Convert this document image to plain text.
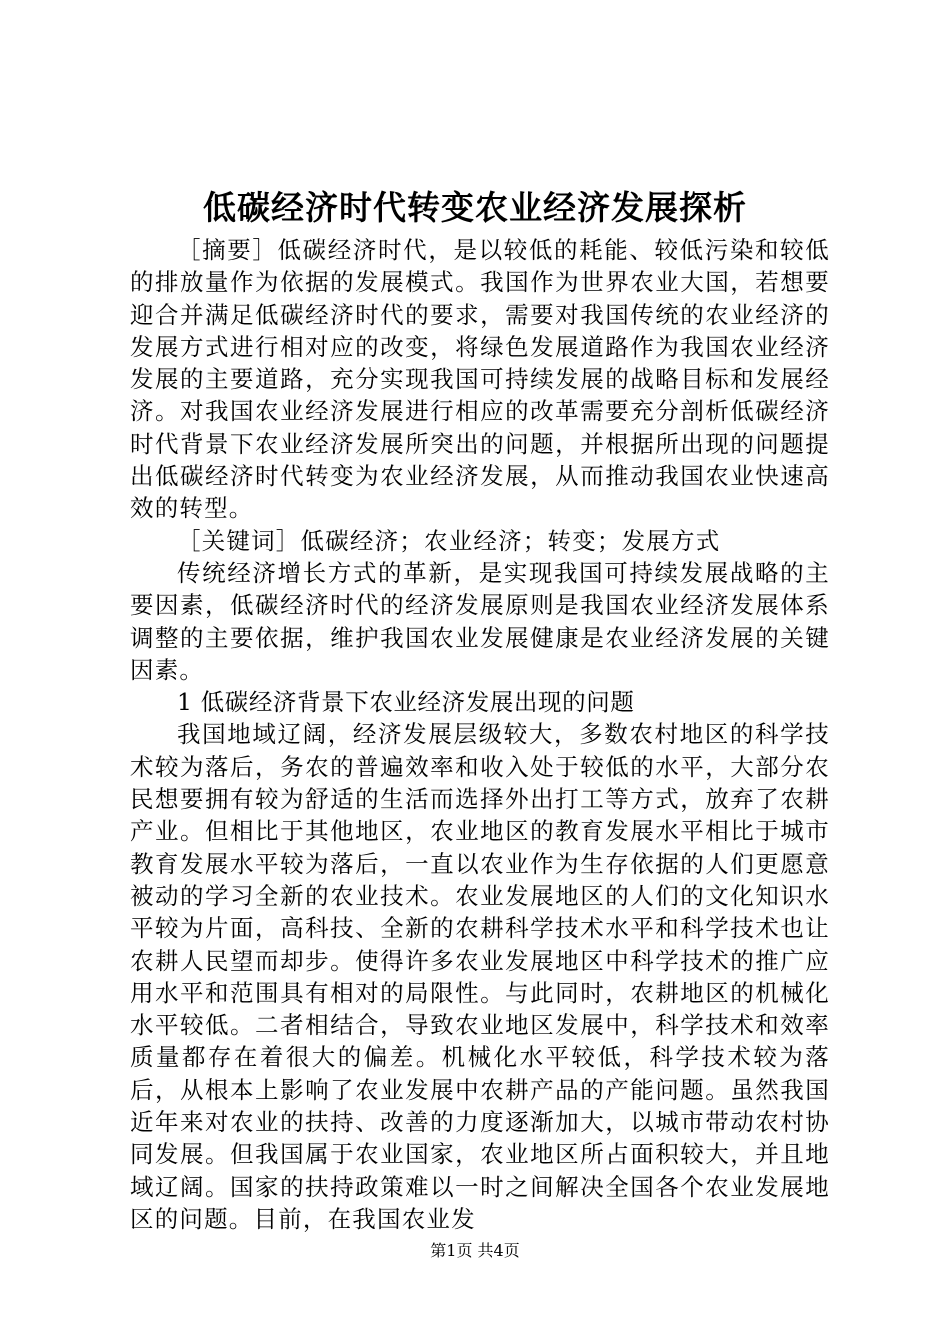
低碳经济时代转变农业经济发展探析

［摘要］低碳经济时代，是以较低的耗能、较低污染和较低的排放量作为依据的发展模式。我国作为世界农业大国，若想要迎合并满足低碳经济时代的要求，需要对我国传统的农业经济的发展方式进行相对应的改变，将绿色发展道路作为我国农业经济发展的主要道路，充分实现我国可持续发展的战略目标和发展经济。对我国农业经济发展进行相应的改革需要充分剖析低碳经济时代背景下农业经济发展所突出的问题，并根据所出现的问题提出低碳经济时代转变为农业经济发展，从而推动我国农业快速高效的转型。

［关键词］低碳经济；农业经济；转变；发展方式

传统经济增长方式的革新，是实现我国可持续发展战略的主要因素，低碳经济时代的经济发展原则是我国农业经济发展体系调整的主要依据，维护我国农业发展健康是农业经济发展的关键因素。

1 低碳经济背景下农业经济发展出现的问题

我国地域辽阔，经济发展层级较大，多数农村地区的科学技术较为落后，务农的普遍效率和收入处于较低的水平，大部分农民想要拥有较为舒适的生活而选择外出打工等方式，放弃了农耕产业。但相比于其他地区，农业地区的教育发展水平相比于城市教育发展水平较为落后，一直以农业作为生存依据的人们更愿意被动的学习全新的农业技术。农业发展地区的人们的文化知识水平较为片面，高科技、全新的农耕科学技术水平和科学技术也让农耕人民望而却步。使得许多农业发展地区中科学技术的推广应用水平和范围具有相对的局限性。与此同时，农耕地区的机械化水平较低。二者相结合，导致农业地区发展中，科学技术和效率质量都存在着很大的偏差。机械化水平较低，科学技术较为落后，从根本上影响了农业发展中农耕产品的产能问题。虽然我国近年来对农业的扶持、改善的力度逐渐加大，以城市带动农村协同发展。但我国属于农业国家，农业地区所占面积较大，并且地域辽阔。国家的扶持政策难以一时之间解决全国各个农业发展地区的问题。目前，在我国农业发

第1页 共4页
